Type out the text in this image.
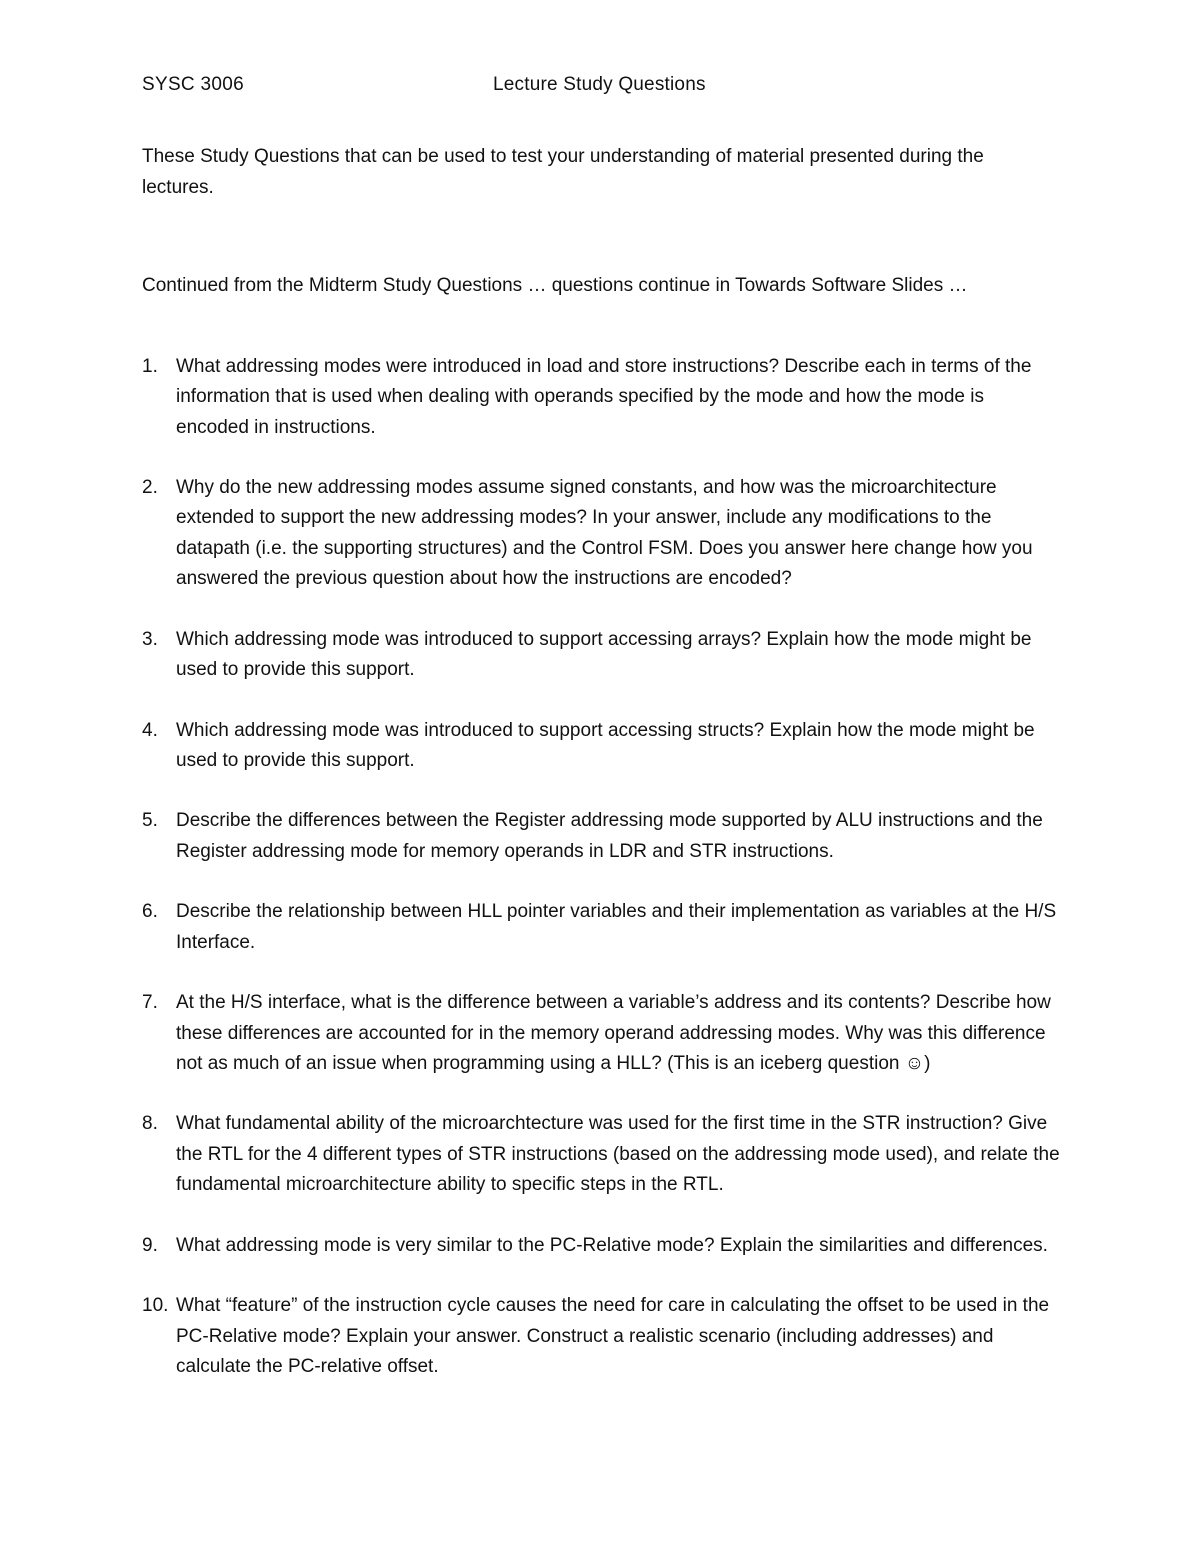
SYSC 3006	Lecture Study Questions
These Study Questions that can be used to test your understanding of material presented during the lectures.
Continued from the Midterm Study Questions … questions continue in Towards Software Slides …
1. What addressing modes were introduced in load and store instructions? Describe each in terms of the information that is used when dealing with operands specified by the mode and how the mode is encoded in instructions.
2. Why do the new addressing modes assume signed constants, and how was the microarchitecture extended to support the new addressing modes? In your answer, include any modifications to the datapath (i.e. the supporting structures) and the Control FSM. Does you answer here change how you answered the previous question about how the instructions are encoded?
3. Which addressing mode was introduced to support accessing arrays? Explain how the mode might be used to provide this support.
4. Which addressing mode was introduced to support accessing structs? Explain how the mode might be used to provide this support.
5. Describe the differences between the Register addressing mode supported by ALU instructions and the Register addressing mode for memory operands in LDR and STR instructions.
6. Describe the relationship between HLL pointer variables and their implementation as variables at the H/S Interface.
7. At the H/S interface, what is the difference between a variable’s address and its contents? Describe how these differences are accounted for in the memory operand addressing modes. Why was this difference not as much of an issue when programming using a HLL? (This is an iceberg question ☺)
8. What fundamental ability of the microarchtecture was used for the first time in the STR instruction? Give the RTL for the 4 different types of STR instructions (based on the addressing mode used), and relate the fundamental microarchitecture ability to specific steps in the RTL.
9. What addressing mode is very similar to the PC-Relative mode? Explain the similarities and differences.
10. What “feature” of the instruction cycle causes the need for care in calculating the offset to be used in the PC-Relative mode? Explain your answer. Construct a realistic scenario (including addresses) and calculate the PC-relative offset.
